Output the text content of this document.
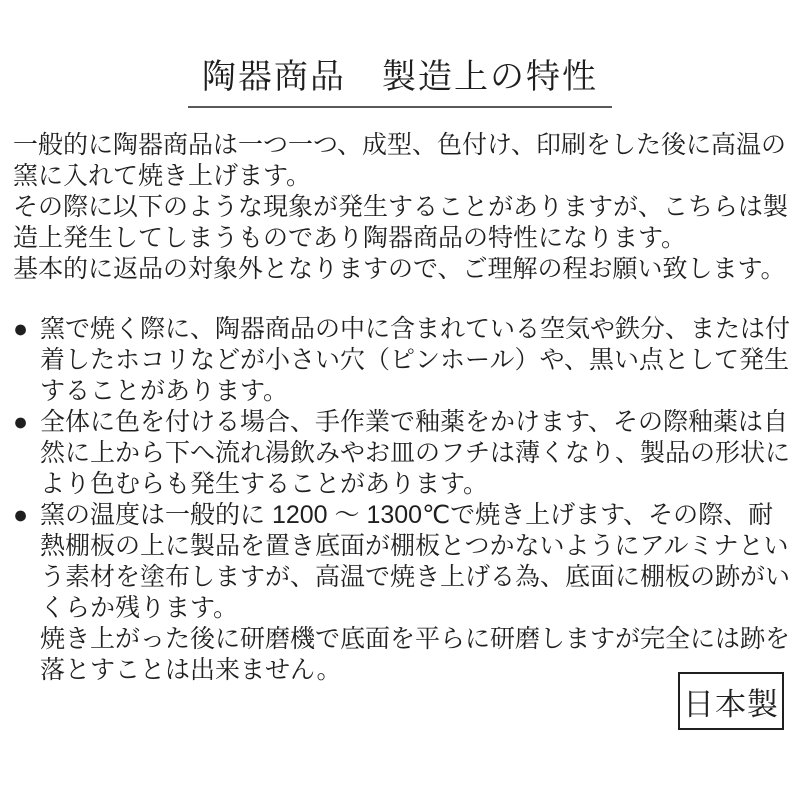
陶器商品　製造上の特性
一般的に陶器商品は一つ一つ、成型、色付け、印刷をした後に高温の
窯に入れて焼き上げます。
その際に以下のような現象が発生することがありますが、こちらは製
造上発生してしまうものであり陶器商品の特性になります。
基本的に返品の対象外となりますので、ご理解の程お願い致します。
● 窯で焼く際に、陶器商品の中に含まれている空気や鉄分、または付
着したホコリなどが小さい穴（ピンホール）や、黒い点として発生
することがあります。
● 全体に色を付ける場合、手作業で釉薬をかけます、その際釉薬は自
然に上から下へ流れ湯飲みやお皿のフチは薄くなり、製品の形状に
より色むらも発生することがあります。
● 窯の温度は一般的に 1200 ～ 1300℃で焼き上げます、その際、耐
熱棚板の上に製品を置き底面が棚板とつかないようにアルミナとい
う素材を塗布しますが、高温で焼き上げる為、底面に棚板の跡がい
くらか残ります。
焼き上がった後に研磨機で底面を平らに研磨しますが完全には跡を
落とすことは出来ません。
日本製
